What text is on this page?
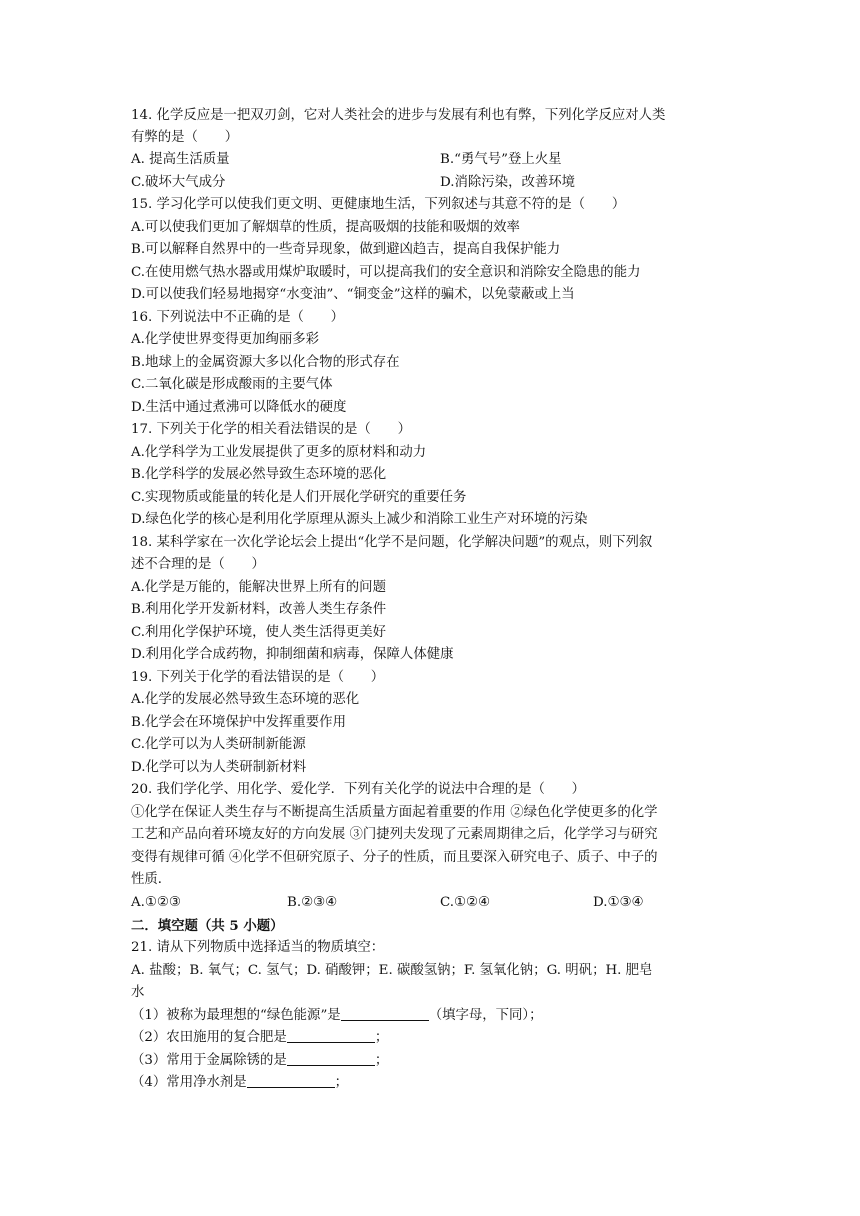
14. 化学反应是一把双刃剑，它对人类社会的进步与发展有利也有弊，下列化学反应对人类
有弊的是（　　）
A. 提高生活质量	B.“勇气号”登上火星
C.破坏大气成分	D.消除污染，改善环境
15. 学习化学可以使我们更文明、更健康地生活，下列叙述与其意不符的是（　　）
A.可以使我们更加了解烟草的性质，提高吸烟的技能和吸烟的效率
B.可以解释自然界中的一些奇异现象，做到避凶趋吉，提高自我保护能力
C.在使用燃气热水器或用煤炉取暖时，可以提高我们的安全意识和消除安全隐患的能力
D.可以使我们轻易地揭穿“水变油”、“铜变金”这样的骗术，以免蒙蔽或上当
16. 下列说法中不正确的是（　　）
A.化学使世界变得更加绚丽多彩
B.地球上的金属资源大多以化合物的形式存在
C.二氧化碳是形成酸雨的主要气体
D.生活中通过煮沸可以降低水的硬度
17. 下列关于化学的相关看法错误的是（　　）
A.化学科学为工业发展提供了更多的原材料和动力
B.化学科学的发展必然导致生态环境的恶化
C.实现物质或能量的转化是人们开展化学研究的重要任务
D.绿色化学的核心是利用化学原理从源头上减少和消除工业生产对环境的污染
18. 某科学家在一次化学论坛会上提出“化学不是问题，化学解决问题”的观点，则下列叙
述不合理的是（　　）
A.化学是万能的，能解决世界上所有的问题
B.利用化学开发新材料，改善人类生存条件
C.利用化学保护环境，使人类生活得更美好
D.利用化学合成药物，抑制细菌和病毒，保障人体健康
19. 下列关于化学的看法错误的是（　　）
A.化学的发展必然导致生态环境的恶化
B.化学会在环境保护中发挥重要作用
C.化学可以为人类研制新能源
D.化学可以为人类研制新材料
20. 我们学化学、用化学、爱化学．下列有关化学的说法中合理的是（　　）
①化学在保证人类生存与不断提高生活质量方面起着重要的作用 ②绿色化学使更多的化学
工艺和产品向着环境友好的方向发展 ③门捷列夫发现了元素周期律之后，化学学习与研究
变得有规律可循 ④化学不但研究原子、分子的性质，而且要深入研究电子、质子、中子的
性质．
A.①②③	B.②③④	C.①②④	D.①③④
二．填空题（共 5 小题）
21. 请从下列物质中选择适当的物质填空：
A. 盐酸；B. 氧气；C. 氢气；D. 硝酸钾；E. 碳酸氢钠；F. 氢氧化钠；G. 明矾；H. 肥皂
水
（1）被称为最理想的“绿色能源”是	（填字母，下同）；
（2）农田施用的复合肥是	；
（3）常用于金属除锈的是	；
（4）常用净水剂是	；
